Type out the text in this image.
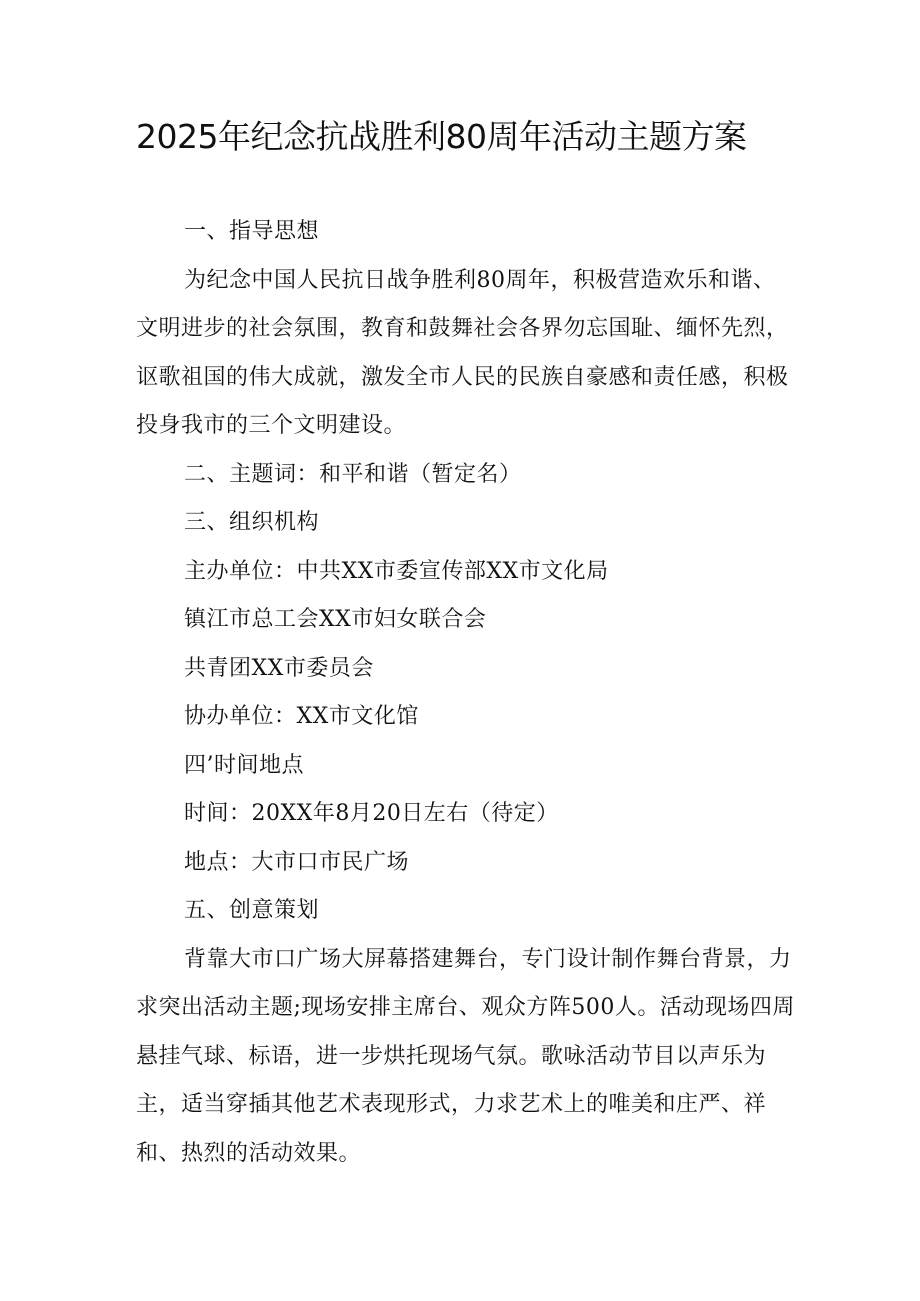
2025年纪念抗战胜利80周年活动主题方案

一、指导思想

为纪念中国人民抗日战争胜利80周年，积极营造欢乐和谐、文明进步的社会氛围，教育和鼓舞社会各界勿忘国耻、缅怀先烈，讴歌祖国的伟大成就，激发全市人民的民族自豪感和责任感，积极投身我市的三个文明建设。

二、主题词：和平和谐（暂定名）

三、组织机构

主办单位：中共XX市委宣传部XX市文化局

镇江市总工会XX市妇女联合会

共青团XX市委员会

协办单位：XX市文化馆

四’时间地点

时间：20XX年8月20日左右（待定）

地点：大市口市民广场

五、创意策划

背靠大市口广场大屏幕搭建舞台，专门设计制作舞台背景，力求突出活动主题;现场安排主席台、观众方阵500人。活动现场四周悬挂气球、标语，进一步烘托现场气氛。歌咏活动节目以声乐为主，适当穿插其他艺术表现形式，力求艺术上的唯美和庄严、祥和、热烈的活动效果。
